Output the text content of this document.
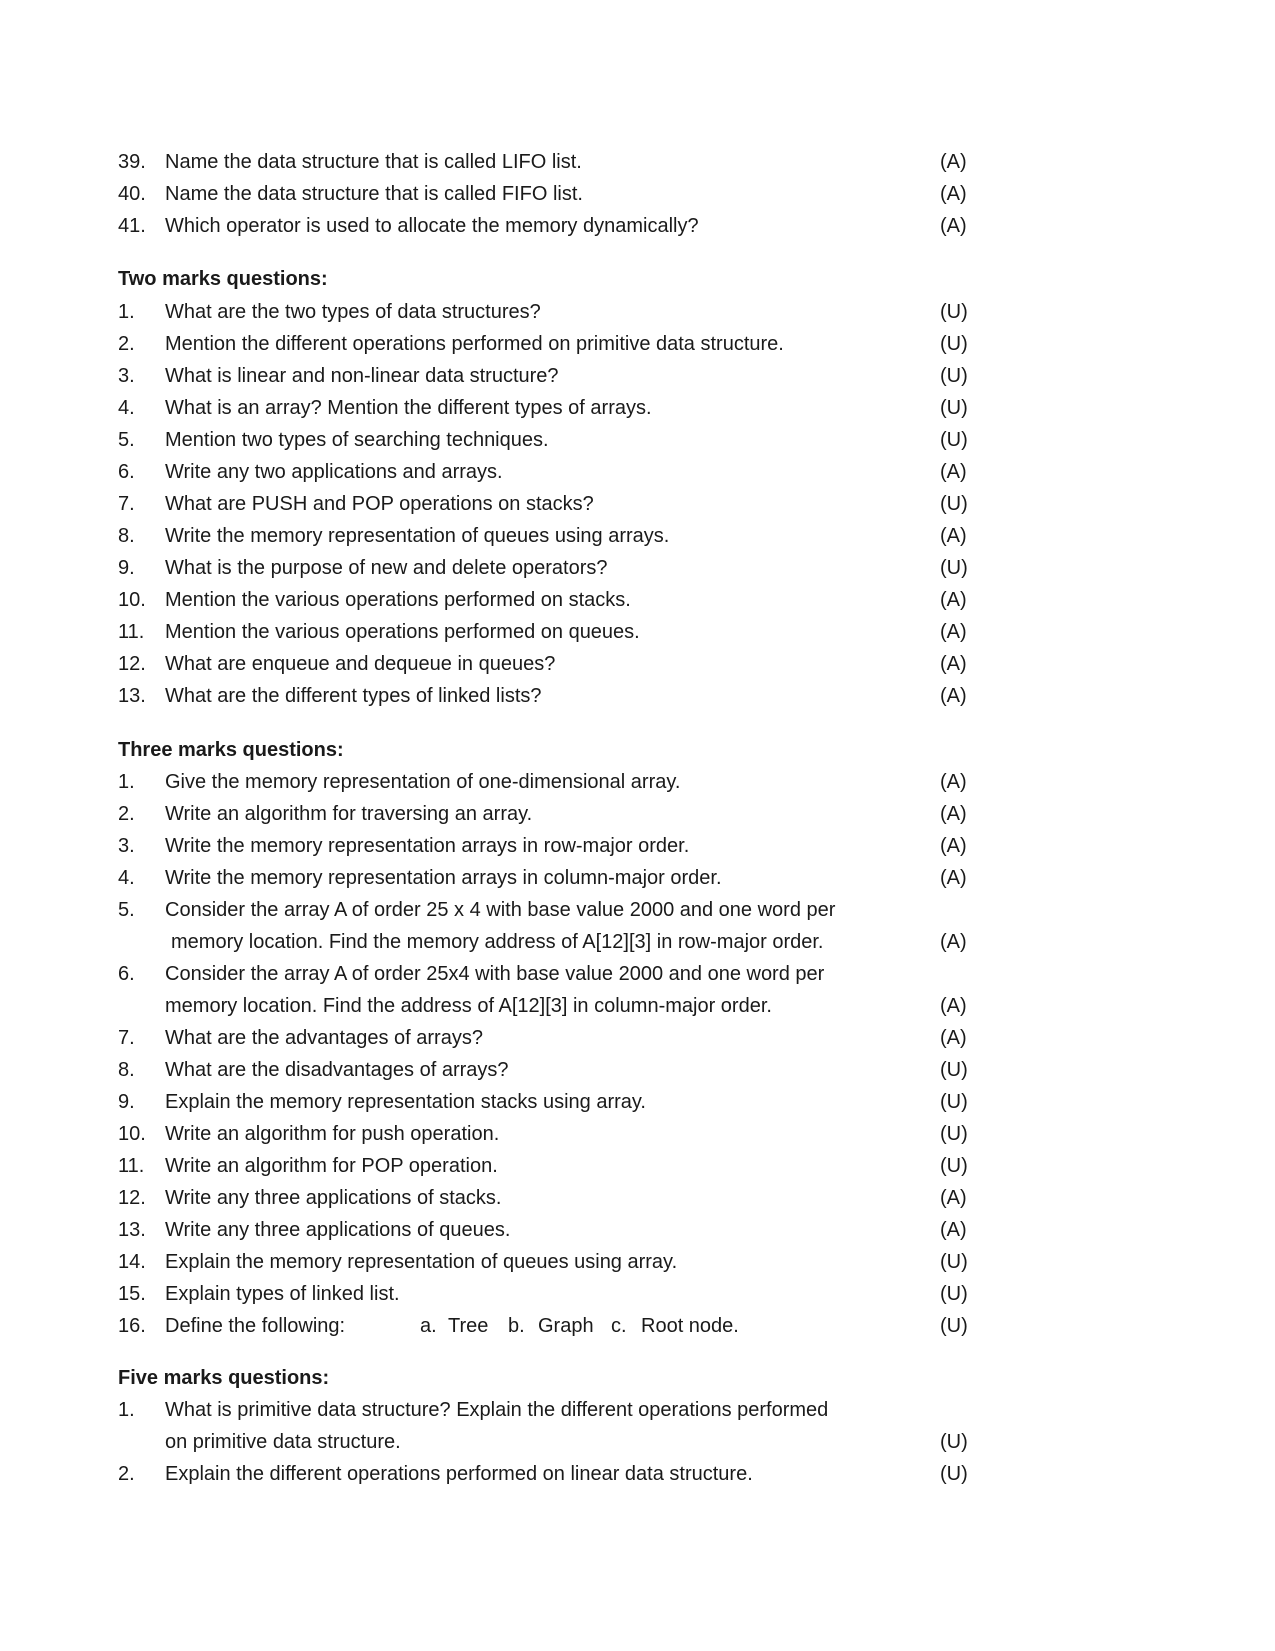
39. Name the data structure that is called LIFO list.	(A)
40. Name the data structure that is called FIFO list.	(A)
41. Which operator is used to allocate the memory dynamically?	(A)
Two marks questions:
1. What are the two types of data structures?	(U)
2. Mention the different operations performed on primitive data structure.	(U)
3. What is linear and non-linear data structure?	(U)
4. What is an array? Mention the different types of arrays.	(U)
5. Mention two types of searching techniques.	(U)
6. Write any two applications and arrays.	(A)
7. What are PUSH and POP operations on stacks?	(U)
8. Write the memory representation of queues using arrays.	(A)
9. What is the purpose of new and delete operators?	(U)
10. Mention the various operations performed on stacks.	(A)
11. Mention the various operations performed on queues.	(A)
12. What are enqueue and dequeue in queues?	(A)
13. What are the different types of linked lists?	(A)
Three marks questions:
1. Give the memory representation of one-dimensional array.	(A)
2. Write an algorithm for traversing an array.	(A)
3. Write the memory representation arrays in row-major order.	(A)
4. Write the memory representation arrays in column-major order.	(A)
5. Consider the array A of order 25 x 4 with base value 2000 and one word per
memory location. Find the memory address of A[12][3] in row-major order.	(A)
6. Consider the array A of order 25x4 with base value 2000 and one word per
memory location. Find the address of A[12][3] in column-major order.	(A)
7. What are the advantages of arrays?	(A)
8. What are the disadvantages of arrays?	(U)
9. Explain the memory representation stacks using array.	(U)
10. Write an algorithm for push operation.	(U)
11. Write an algorithm for POP operation.	(U)
12. Write any three applications of stacks.	(A)
13. Write any three applications of queues.	(A)
14. Explain the memory representation of queues using array.	(U)
15. Explain types of linked list.	(U)
16. Define the following:	a. Tree b. Graph c. Root node.	(U)
Five marks questions:
1. What is primitive data structure? Explain the different operations performed
on primitive data structure.	(U)
2. Explain the different operations performed on linear data structure.	(U)
